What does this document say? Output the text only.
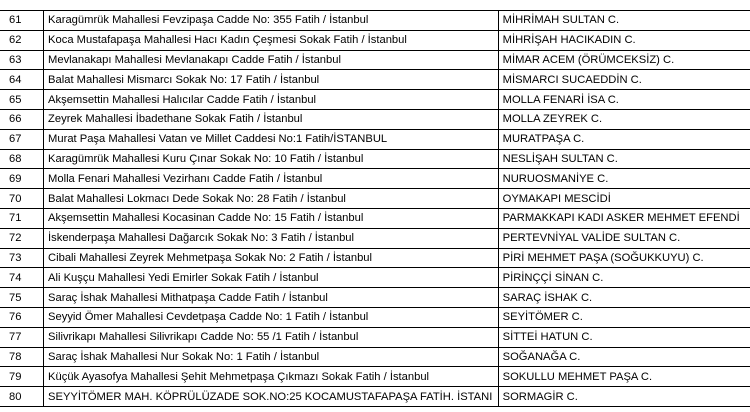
61	Karagümrük Mahallesi Fevzipaşa Cadde No: 355 Fatih / İstanbul	MİHRİMAH SULTAN C.
62	Koca Mustafapaşa Mahallesi Hacı Kadın Çeşmesi Sokak Fatih / İstanbul	MİHRİŞAH HACIKADIN C.
63	Mevlanakapı Mahallesi Mevlanakapı Cadde Fatih / İstanbul	MİMAR ACEM (ÖRÜMCEKSİZ) C.
64	Balat Mahallesi Mismarcı Sokak No: 17 Fatih / İstanbul	MİSMARCI SUCAEDDİN C.
65	Akşemsettin Mahallesi Halıcılar Cadde Fatih / İstanbul	MOLLA FENARİ İSA C.
66	Zeyrek Mahallesi İbadethane Sokak Fatih / İstanbul	MOLLA ZEYREK C.
67	Murat Paşa Mahallesi Vatan ve Millet Caddesi No:1 Fatih/İSTANBUL	MURATPAŞA C.
68	Karagümrük Mahallesi Kuru Çınar Sokak No: 10 Fatih / İstanbul	NESLİŞAH SULTAN C.
69	Molla Fenari Mahallesi Vezirhanı Cadde Fatih / İstanbul	NURUOSMANİYE C.
70	Balat Mahallesi Lokmacı Dede Sokak No: 28 Fatih / İstanbul	OYMAKAPI MESCİDİ
71	Akşemsettin Mahallesi Kocasinan Cadde No: 15 Fatih / İstanbul	PARMAKKAPI KADI ASKER MEHMET EFENDİ
72	İskenderpaşa Mahallesi Dağarcık Sokak No: 3 Fatih / İstanbul	PERTEVNİYAL VALİDE SULTAN C.
73	Cibali Mahallesi Zeyrek Mehmetpaşa Sokak No: 2 Fatih / İstanbul	PİRİ MEHMET PAŞA (SOĞUKKUYU) C.
74	Ali Kuşçu Mahallesi Yedi Emirler Sokak Fatih / İstanbul	PİRİNÇÇİ SİNAN C.
75	Saraç İshak Mahallesi Mithatpaşa Cadde Fatih / İstanbul	SARAÇ İSHAK C.
76	Seyyid Ömer Mahallesi Cevdetpaşa Cadde No: 1 Fatih / İstanbul	SEYİTÖMER C.
77	Silivrikapı Mahallesi Silivrikapı Cadde No: 55 /1 Fatih / İstanbul	SİTTEİ HATUN C.
78	Saraç İshak Mahallesi Nur Sokak No: 1 Fatih / İstanbul	SOĞANAĞA C.
79	Küçük Ayasofya Mahallesi Şehit Mehmetpaşa Çıkmazı Sokak Fatih / İstanbul	SOKULLU MEHMET PAŞA C.
80	SEYYİTÖMER MAH. KÖPRÜLÜZADE SOK.NO:25 KOCAMUSTAFAPAŞA FATİH. İSTANI	SORMAGİR C.
